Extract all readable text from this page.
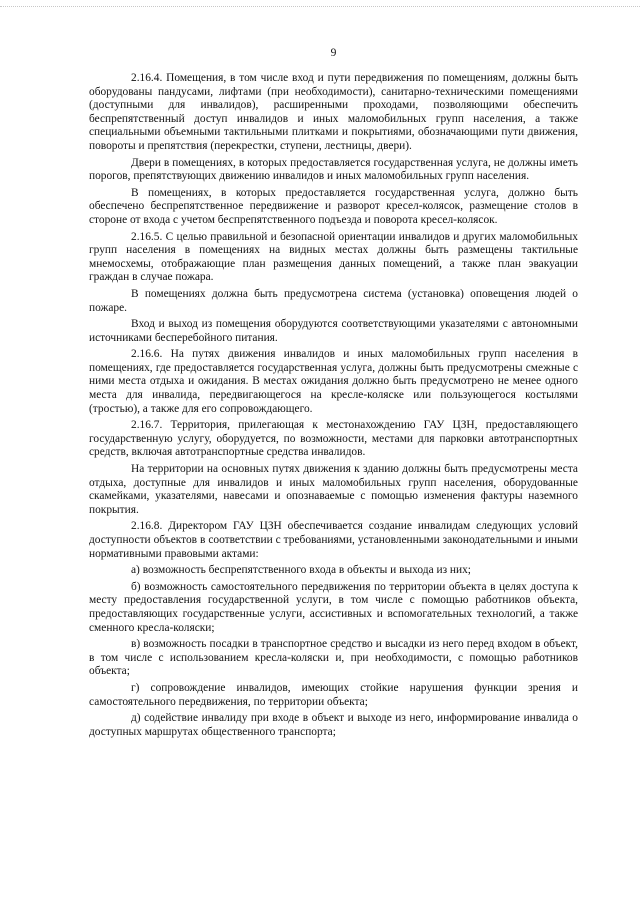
9

2.16.4. Помещения, в том числе вход и пути передвижения по помещениям, должны быть оборудованы пандусами, лифтами (при необходимости), санитарно-техническими помещениями (доступными для инвалидов), расширенными проходами, позволяющими обеспечить беспрепятственный доступ инвалидов и иных маломобильных групп населения, а также специальными объемными тактильными плитками и покрытиями, обозначающими пути движения, повороты и препятствия (перекрестки, ступени, лестницы, двери).

Двери в помещениях, в которых предоставляется государственная услуга, не должны иметь порогов, препятствующих движению инвалидов и иных маломобильных групп населения.

В помещениях, в которых предоставляется государственная услуга, должно быть обеспечено беспрепятственное передвижение и разворот кресел-колясок, размещение столов в стороне от входа с учетом беспрепятственного подъезда и поворота кресел-колясок.

2.16.5. С целью правильной и безопасной ориентации инвалидов и других маломобильных групп населения в помещениях на видных местах должны быть размещены тактильные мнемосхемы, отображающие план размещения данных помещений, а также план эвакуации граждан в случае пожара.

В помещениях должна быть предусмотрена система (установка) оповещения людей о пожаре.

Вход и выход из помещения оборудуются соответствующими указателями с автономными источниками бесперебойного питания.

2.16.6. На путях движения инвалидов и иных маломобильных групп населения в помещениях, где предоставляется государственная услуга, должны быть предусмотрены смежные с ними места отдыха и ожидания. В местах ожидания должно быть предусмотрено не менее одного места для инвалида, передвигающегося на кресле-коляске или пользующегося костылями (тростью), а также для его сопровождающего.

2.16.7. Территория, прилегающая к местонахождению ГАУ ЦЗН, предоставляющего государственную услугу, оборудуется, по возможности, местами для парковки автотранспортных средств, включая автотранспортные средства инвалидов.

На территории на основных путях движения к зданию должны быть предусмотрены места отдыха, доступные для инвалидов и иных маломобильных групп населения, оборудованные скамейками, указателями, навесами и опознаваемые с помощью изменения фактуры наземного покрытия.

2.16.8. Директором ГАУ ЦЗН обеспечивается создание инвалидам следующих условий доступности объектов в соответствии с требованиями, установленными законодательными и иными нормативными правовыми актами:

а) возможность беспрепятственного входа в объекты и выхода из них;

б) возможность самостоятельного передвижения по территории объекта в целях доступа к месту предоставления государственной услуги, в том числе с помощью работников объекта, предоставляющих государственные услуги, ассистивных и вспомогательных технологий, а также сменного кресла-коляски;

в) возможность посадки в транспортное средство и высадки из него перед входом в объект, в том числе с использованием кресла-коляски и, при необходимости, с помощью работников объекта;

г) сопровождение инвалидов, имеющих стойкие нарушения функции зрения и самостоятельного передвижения, по территории объекта;

д) содействие инвалиду при входе в объект и выходе из него, информирование инвалида о доступных маршрутах общественного транспорта;
